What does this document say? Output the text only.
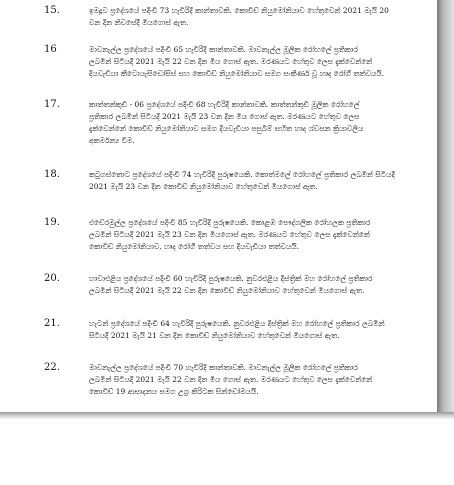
15.	ඉමදූව ප්‍රදේශයේ පදිංචි 73 හැවිරිදි කාන්තාවකි. කොවිඩ් නියුමෝනියාව හේතුවෙන් 2021 මැයි 20
වන දින නිවසේදී මියගොස් ඇත.
16	මාවනැල්ල ප්‍රදේශයේ පදිංචි 65 හැවිරිදි කාන්තාවකි. මාවනැල්ල මූලික රෝහලේ ප්‍රතිකාර
ලබමින් සිටියදී 2021 මැයි 22 වන දින මිය ගොස් ඇත. මරණයට හේතුව ලෙස දැක්වෙන්නේ
දියවැඩියා කීටොයැසිඩෝසිස් සහ කොවිඩ් නියුමෝනියාව සමග සංකීර්ණ වූ හෘද රෝගී තත්වයයි.
17.	කාත්තන්කුඩි - 06 ප්‍රදේශයේ පදිංචි 68 හැවිරිදි කාන්තාවකි. කාත්තන්කුඩි මූලික රෝහලේ
ප්‍රතිකාර ලබමින් සිටියදී 2021 මැයි 23 වන දින මිය ගොස් ඇත. මරණයට හේතුව ලෙස
දැක්වෙන්නේ කොවිඩ් නියුමෝනියාව සමග දියවැඩියා පසුබිම් සහිත හෘද ශ්වසන ක්‍රියාවලිය
අකර්මන්‍ය වීම.
18.	කටුගස්තොට ප්‍රදේශයේ පදිංචි 74 හැවිරිදි පුරුෂයෙකි. කොත්මලේ රෝහලේ ප්‍රතිකාර ලබමින් සිටියදී
2021 මැයි 23 වන දින කොවිඩ් නියුමෝනියාව හේතුවෙන් මියගොස් ඇත.
19.	එඩේරමුල්ල ප්‍රදේශයේ පදිංචි 85 හැවිරිදි පුරුෂයෙකි. කොළඹ පෞද්ගලික රෝහලක ප්‍රතිකාර
ලබමින් සිටියදී 2021 මැයි 23 වන දින මියගොස් ඇත. මරණයට හේතුව ලෙස දැක්වෙන්නේ
කොවිඩ් නියුමෝනියාව, හෘද රෝගී තත්වය සහ දියවැඩියා තත්වයයි.
20.	හාවාඑළිය ප්‍රදේශයේ පදිංචි 60 හැවිරිදි පුරුෂයෙකි. නුවරඑළිය දිස්ත්‍රික් මහ රෝහලේ ප්‍රතිකාර
ලබමින් සිටියදී 2021 මැයි 22 වන දින කොවිඩ් නියුමෝනියාව හේතුවෙන් මියගොස් ඇත.
21.	හැටන් ප්‍රදේශයේ පදිංචි 64 හැවිරිදි පුරුෂයෙකි. නුවරඑළිය දිස්ත්‍රික් මහ රෝහලේ ප්‍රතිකාර ලබමින්
සිටියදී 2021 මැයි 21 වන දින කොවිඩ් නියුමෝනියාව හේතුවෙන් මියගොස් ඇත.
22.	මාවනැල්ල ප්‍රදේශයේ පදිංචි 70 හැවිරිදි කාන්තාවකි. මාවනැල්ල මූලික රෝහලේ ප්‍රතිකාර
ලබමින් සිටියදී 2021 මැයි 22 වන දින මිය ගොස් ඇත. මරණයට හේතුව ලෙස දැක්වෙන්නේ
කොවිඩ් 19 ආසාදනය සමග උග්‍ර කිරිටක සින්ඩෝමයයි.
